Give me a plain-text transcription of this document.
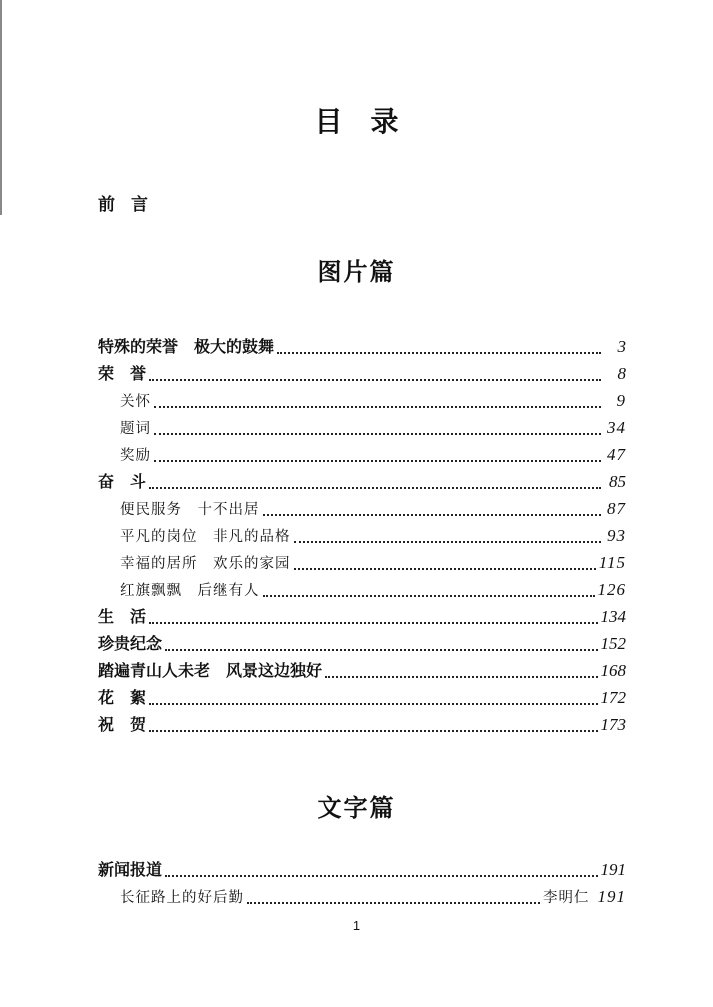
目录
前言
图片篇
特殊的荣誉　极大的鼓舞	3
荣　誉	8
关怀	9
题词	34
奖励	47
奋　斗	85
便民服务　十不出居	87
平凡的岗位　非凡的品格	93
幸福的居所　欢乐的家园	115
红旗飘飘　后继有人	126
生　活	134
珍贵纪念	152
踏遍青山人未老　风景这边独好	168
花　絮	172
祝　贺	173
文字篇
新闻报道	191
长征路上的好后勤	李明仁 191
1
